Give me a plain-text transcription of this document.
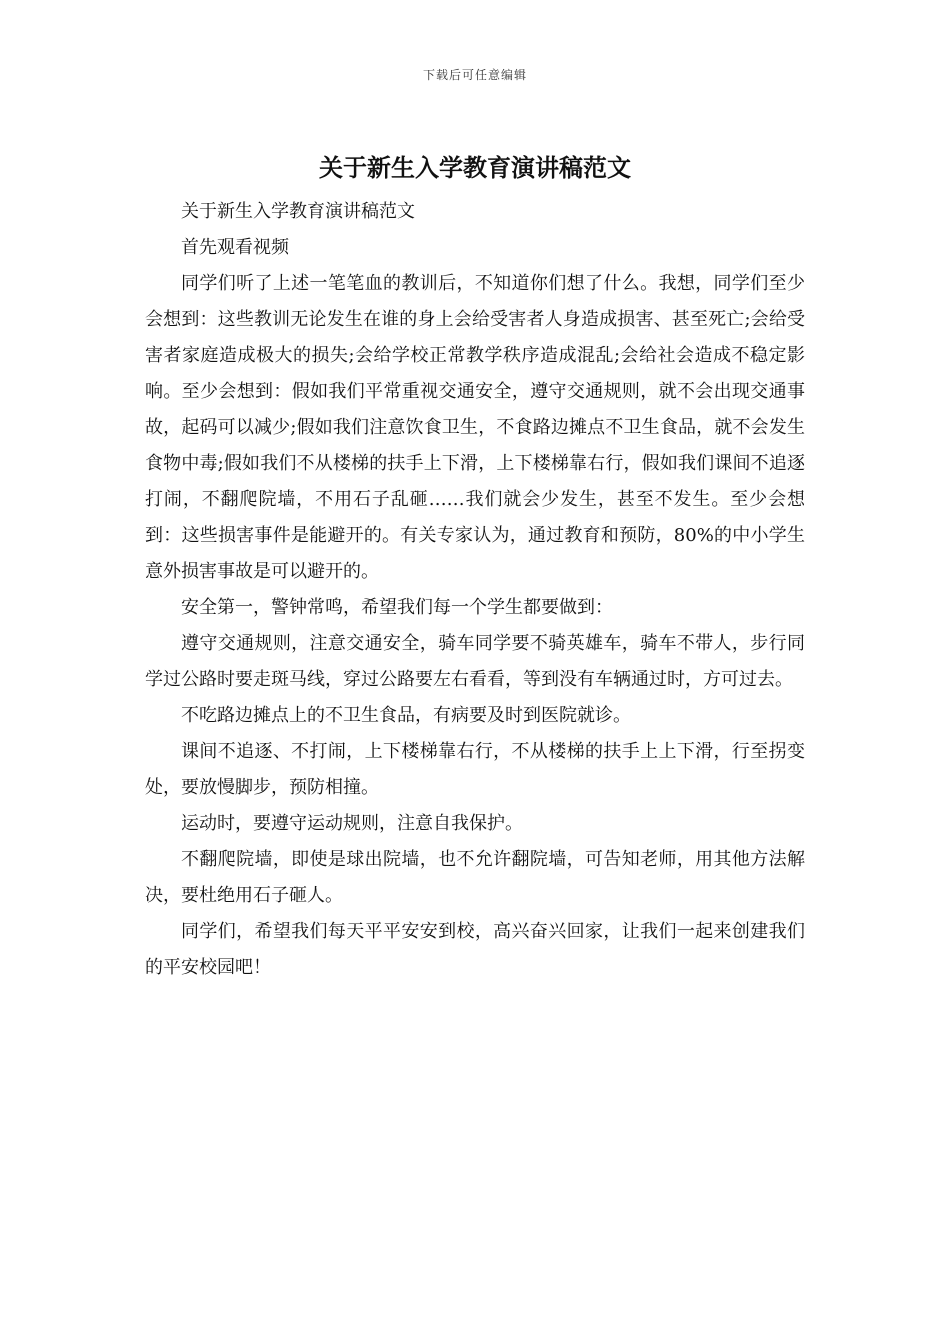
下载后可任意编辑
关于新生入学教育演讲稿范文

关于新生入学教育演讲稿范文

首先观看视频

同学们听了上述一笔笔血的教训后，不知道你们想了什么。我想，同学们至少会想到：这些教训无论发生在谁的身上会给受害者人身造成损害、甚至死亡;会给受害者家庭造成极大的损失;会给学校正常教学秩序造成混乱;会给社会造成不稳定影响。至少会想到：假如我们平常重视交通安全，遵守交通规则，就不会出现交通事故，起码可以减少;假如我们注意饮食卫生，不食路边摊点不卫生食品，就不会发生食物中毒;假如我们不从楼梯的扶手上下滑，上下楼梯靠右行，假如我们课间不追逐打闹，不翻爬院墙，不用石子乱砸……我们就会少发生，甚至不发生。至少会想到：这些损害事件是能避开的。有关专家认为，通过教育和预防，80%的中小学生意外损害事故是可以避开的。

安全第一，警钟常鸣，希望我们每一个学生都要做到：

遵守交通规则，注意交通安全，骑车同学要不骑英雄车，骑车不带人，步行同学过公路时要走斑马线，穿过公路要左右看看，等到没有车辆通过时，方可过去。

不吃路边摊点上的不卫生食品，有病要及时到医院就诊。

课间不追逐、不打闹，上下楼梯靠右行，不从楼梯的扶手上上下滑，行至拐变处，要放慢脚步，预防相撞。

运动时，要遵守运动规则，注意自我保护。

不翻爬院墙，即使是球出院墙，也不允许翻院墙，可告知老师，用其他方法解决，要杜绝用石子砸人。

同学们，希望我们每天平平安安到校，高兴奋兴回家，让我们一起来创建我们的平安校园吧！
